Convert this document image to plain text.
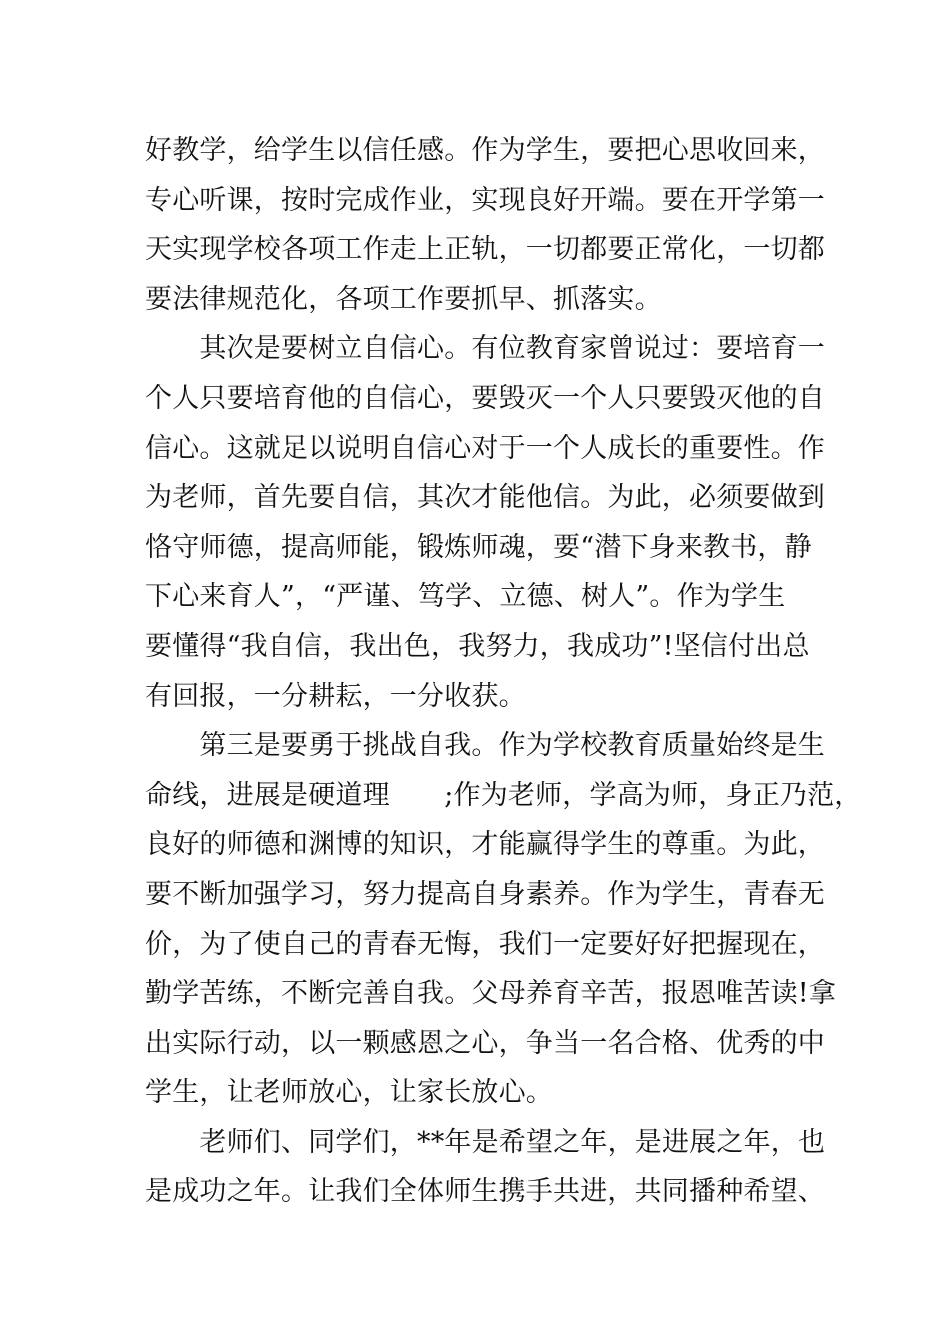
好教学，给学生以信任感。作为学生，要把心思收回来，
专心听课，按时完成作业，实现良好开端。要在开学第一
天实现学校各项工作走上正轨，一切都要正常化，一切都
要法律规范化，各项工作要抓早、抓落实。
　　其次是要树立自信心。有位教育家曾说过：要培育一
个人只要培育他的自信心，要毁灭一个人只要毁灭他的自
信心。这就足以说明自信心对于一个人成长的重要性。作
为老师，首先要自信，其次才能他信。为此，必须要做到
恪守师德，提高师能，锻炼师魂，要“潜下身来教书，静
下心来育人”，“严谨、笃学、立德、树人”。作为学生
要懂得“我自信，我出色，我努力，我成功”!坚信付出总
有回报，一分耕耘，一分收获。
　　第三是要勇于挑战自我。作为学校教育质量始终是生
命线，进展是硬道理　　;作为老师，学高为师，身正乃范，
良好的师德和渊博的知识，才能赢得学生的尊重。为此，
要不断加强学习，努力提高自身素养。作为学生，青春无
价，为了使自己的青春无悔，我们一定要好好把握现在，
勤学苦练，不断完善自我。父母养育辛苦，报恩唯苦读!拿
出实际行动，以一颗感恩之心，争当一名合格、优秀的中
学生，让老师放心，让家长放心。
　　老师们、同学们，**年是希望之年，是进展之年，也
是成功之年。让我们全体师生携手共进，共同播种希望、
